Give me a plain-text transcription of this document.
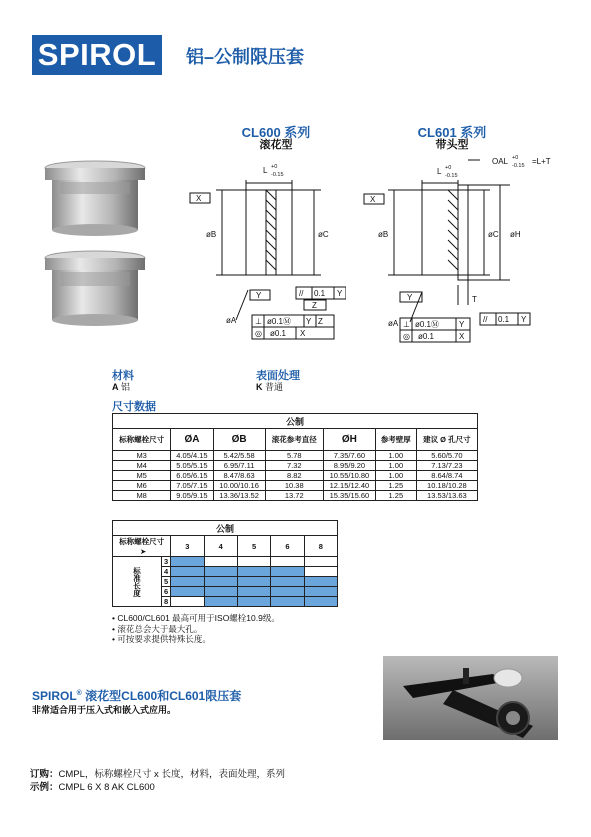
SPIROL	铝–公制限压套
CL600 系列
滚花型
L +0
-0.15
X
øB	øC
Y	// 0.1 Y
Z
øA ⊥ ø0.1Ⓜ Y Z
◎ ø0.1 X
CL601 系列
带头型
OAL +0
-0.15 =L+T
L +0
-0.15
X
øB	øC øH
Y	T
// 0.1 Y
øA ⊥ ø0.1Ⓜ Y
◎ ø0.1	X
材料
A 铝
表面处理
K 普通
尺寸数据
公制						
标称螺栓尺寸	ØA	ØB	滚花参考直径	ØH	参考壁厚	建议 Ø 孔尺寸
M3	4.05/4.15	5.42/5.58	5.78	7.35/7.60	1.00	5.60/5.70
M4	5.05/5.15	6.95/7.11	7.32	8.95/9.20	1.00	7.13/7.23
M5	6.05/6.15	8.47/8.63	8.82	10.55/10.80	1.00	8.64/8.74
M6	7.05/7.15	10.00/10.16	10.38	12.15/12.40	1.25	10.18/10.28
M8	9.05/9.15	13.36/13.52	13.72	15.35/15.60	1.25	13.53/13.63
公制						
标称螺栓尺寸➤		3	4	5	6	8
标准长度	3					
	4					
	5					
	6					
	8					
• CL600/CL601 最高可用于ISO螺栓10.9级。
• 滚花总会大于最大孔。
• 可按要求提供特殊长度。
SPIROL® 滚花型CL600和CL601限压套
非常适合用于压入式和嵌入式应用。
订购：CMPL，标称螺栓尺寸 x 长度，材料，表面处理，系列
示例：CMPL 6 X 8 AK CL600
